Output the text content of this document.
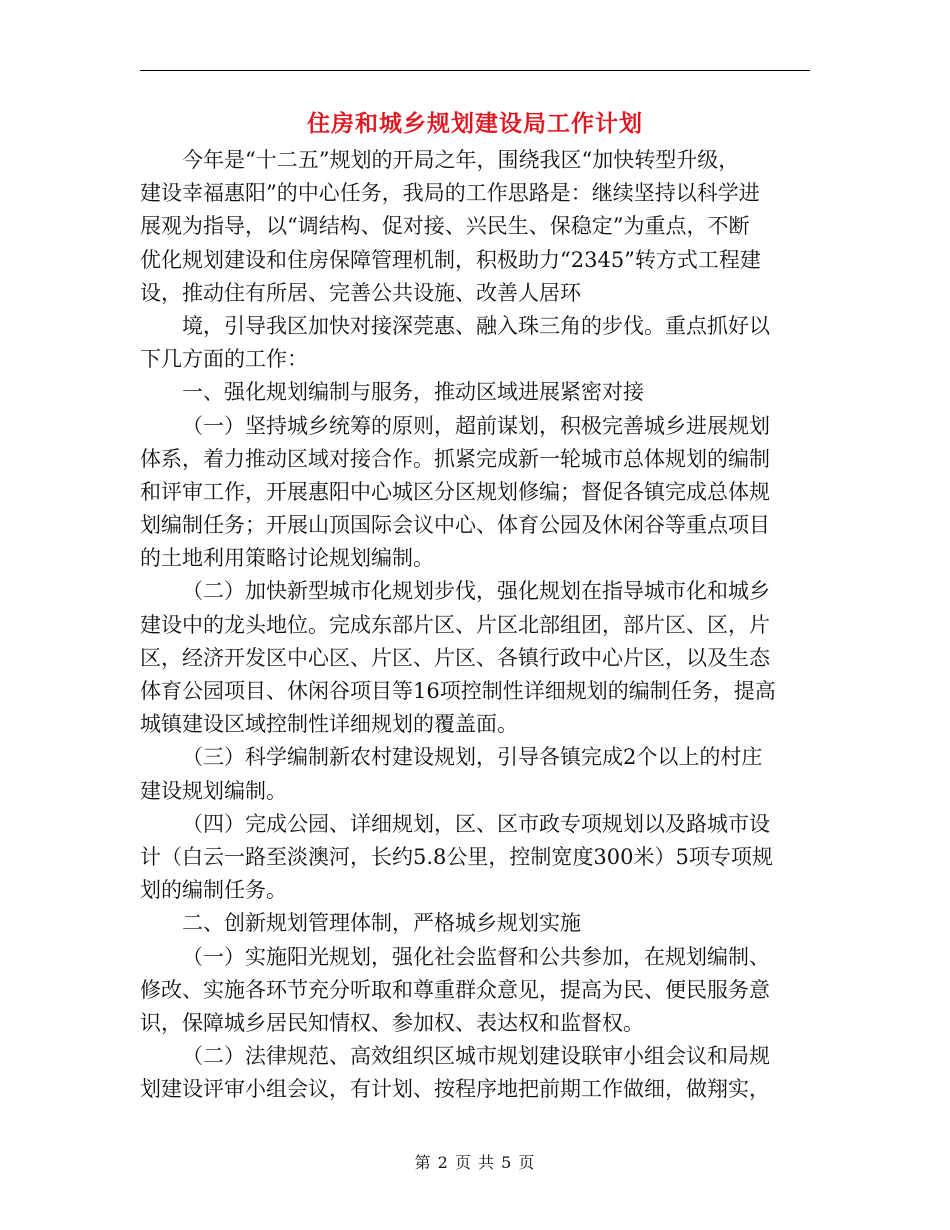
住房和城乡规划建设局工作计划
今年是“十二五”规划的开局之年，围绕我区“加快转型升级，
建设幸福惠阳”的中心任务，我局的工作思路是：继续坚持以科学进
展观为指导，以“调结构、促对接、兴民生、保稳定”为重点，不断
优化规划建设和住房保障管理机制，积极助力“2345”转方式工程建
设，推动住有所居、完善公共设施、改善人居环
境，引导我区加快对接深莞惠、融入珠三角的步伐。重点抓好以
下几方面的工作：
一、强化规划编制与服务，推动区域进展紧密对接
（一）坚持城乡统筹的原则，超前谋划，积极完善城乡进展规划
体系，着力推动区域对接合作。抓紧完成新一轮城市总体规划的编制
和评审工作，开展惠阳中心城区分区规划修编；督促各镇完成总体规
划编制任务；开展山顶国际会议中心、体育公园及休闲谷等重点项目
的土地利用策略讨论规划编制。
（二）加快新型城市化规划步伐，强化规划在指导城市化和城乡
建设中的龙头地位。完成东部片区、片区北部组团，部片区、区，片
区，经济开发区中心区、片区、片区、各镇行政中心片区，以及生态
体育公园项目、休闲谷项目等16项控制性详细规划的编制任务，提高
城镇建设区域控制性详细规划的覆盖面。
（三）科学编制新农村建设规划，引导各镇完成2个以上的村庄
建设规划编制。
（四）完成公园、详细规划，区、区市政专项规划以及路城市设
计（白云一路至淡澳河，长约5.8公里，控制宽度300米）5项专项规
划的编制任务。
二、创新规划管理体制，严格城乡规划实施
（一）实施阳光规划，强化社会监督和公共参加，在规划编制、
修改、实施各环节充分听取和尊重群众意见，提高为民、便民服务意
识，保障城乡居民知情权、参加权、表达权和监督权。
（二）法律规范、高效组织区城市规划建设联审小组会议和局规
划建设评审小组会议，有计划、按程序地把前期工作做细，做翔实，
第 2 页 共 5 页
